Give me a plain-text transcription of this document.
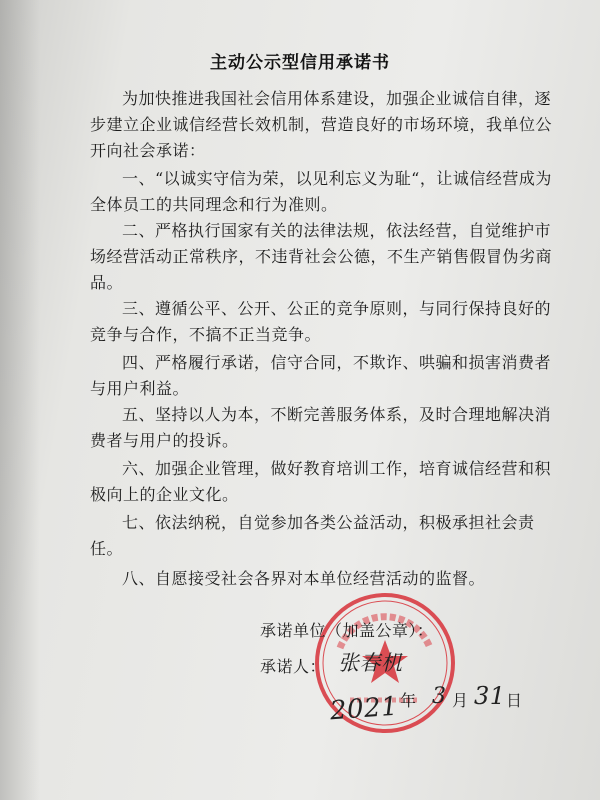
主动公示型信用承诺书
为加快推进我国社会信用体系建设，加强企业诚信自律，逐步建立企业诚信经营长效机制，营造良好的市场环境，我单位公开向社会承诺：
一、“以诚实守信为荣，以见利忘义为耻“，让诚信经营成为全体员工的共同理念和行为准则。
二、严格执行国家有关的法律法规，依法经营，自觉维护市场经营活动正常秩序，不违背社会公德，不生产销售假冒伪劣商品。
三、遵循公平、公开、公正的竞争原则，与同行保持良好的竞争与合作，不搞不正当竞争。
四、严格履行承诺，信守合同，不欺诈、哄骗和损害消费者与用户利益。
五、坚持以人为本，不断完善服务体系，及时合理地解决消费者与用户的投诉。
六、加强企业管理，做好教育培训工作，培育诚信经营和积极向上的企业文化。
七、依法纳税，自觉参加各类公益活动，积极承担社会责任。
八、自愿接受社会各界对本单位经营活动的监督。
承诺单位（加盖公章）：
承诺人： 张春机
2021 年 3 月 31 日
